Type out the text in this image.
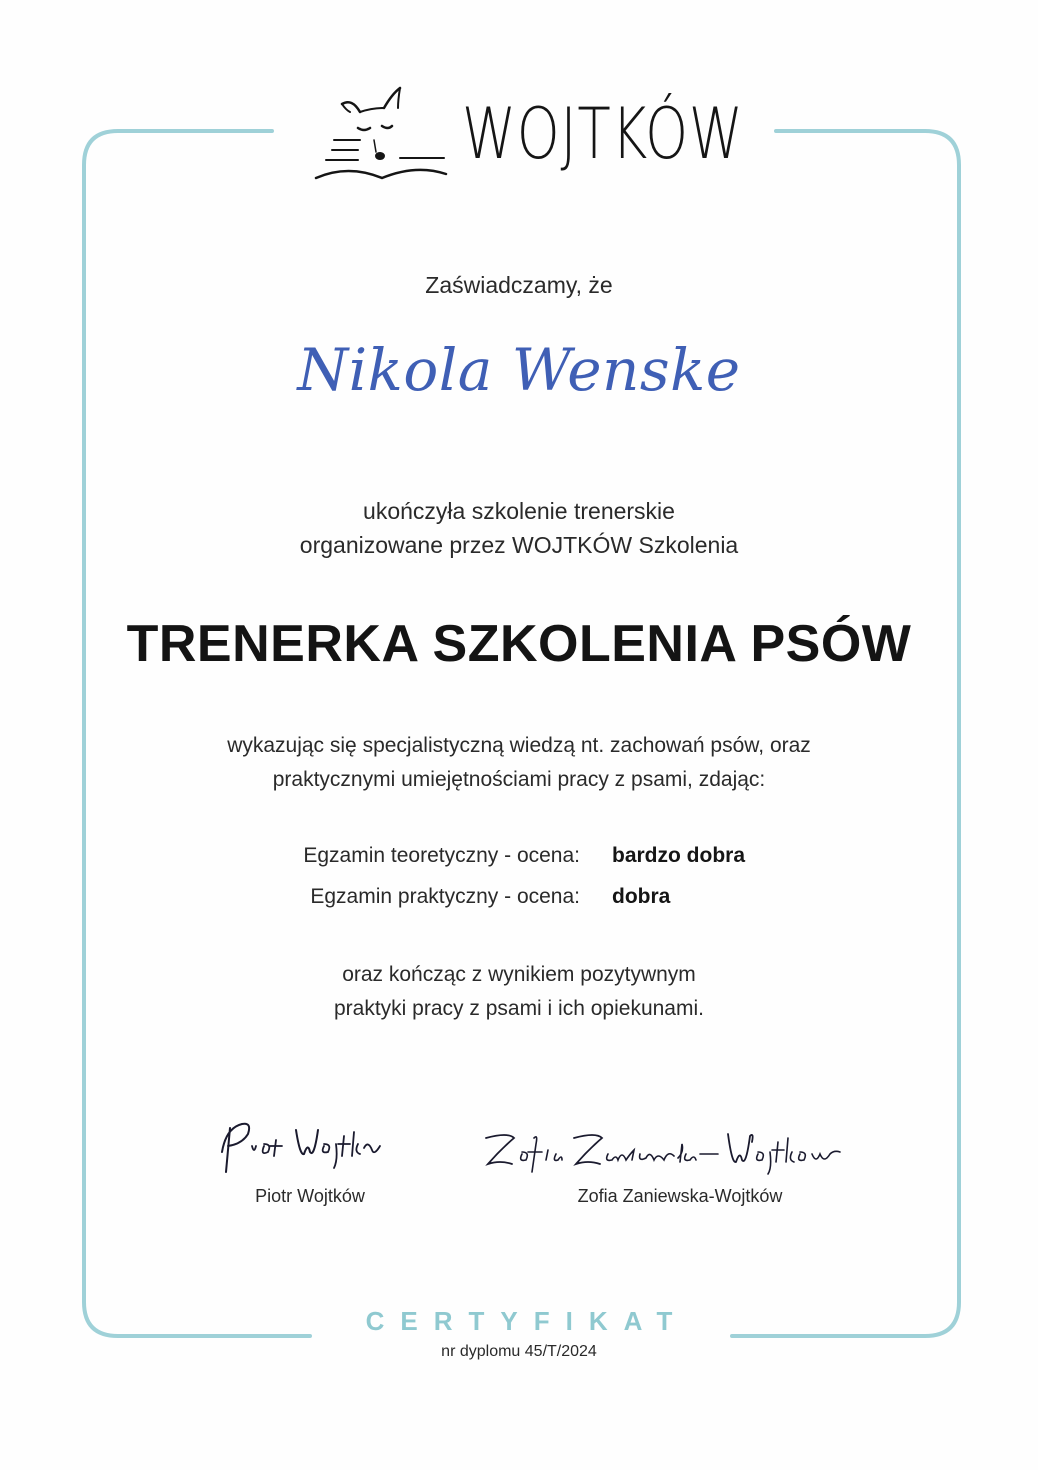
WOJTKÓW
Zaświadczamy, że
Nikola Wenske
ukończyła szkolenie trenerskie
organizowane przez WOJTKÓW Szkolenia
TRENERKA SZKOLENIA PSÓW
wykazując się specjalistyczną wiedzą nt. zachowań psów, oraz
praktycznymi umiejętnościami pracy z psami, zdając:
Egzamin teoretyczny - ocena: bardzo dobra
Egzamin praktyczny - ocena: dobra
oraz kończąc z wynikiem pozytywnym
praktyki pracy z psami i ich opiekunami.
Piotr Wojtków	Zofia Zaniewska-Wojtków
CERTYFIKAT
nr dyplomu 45/T/2024
